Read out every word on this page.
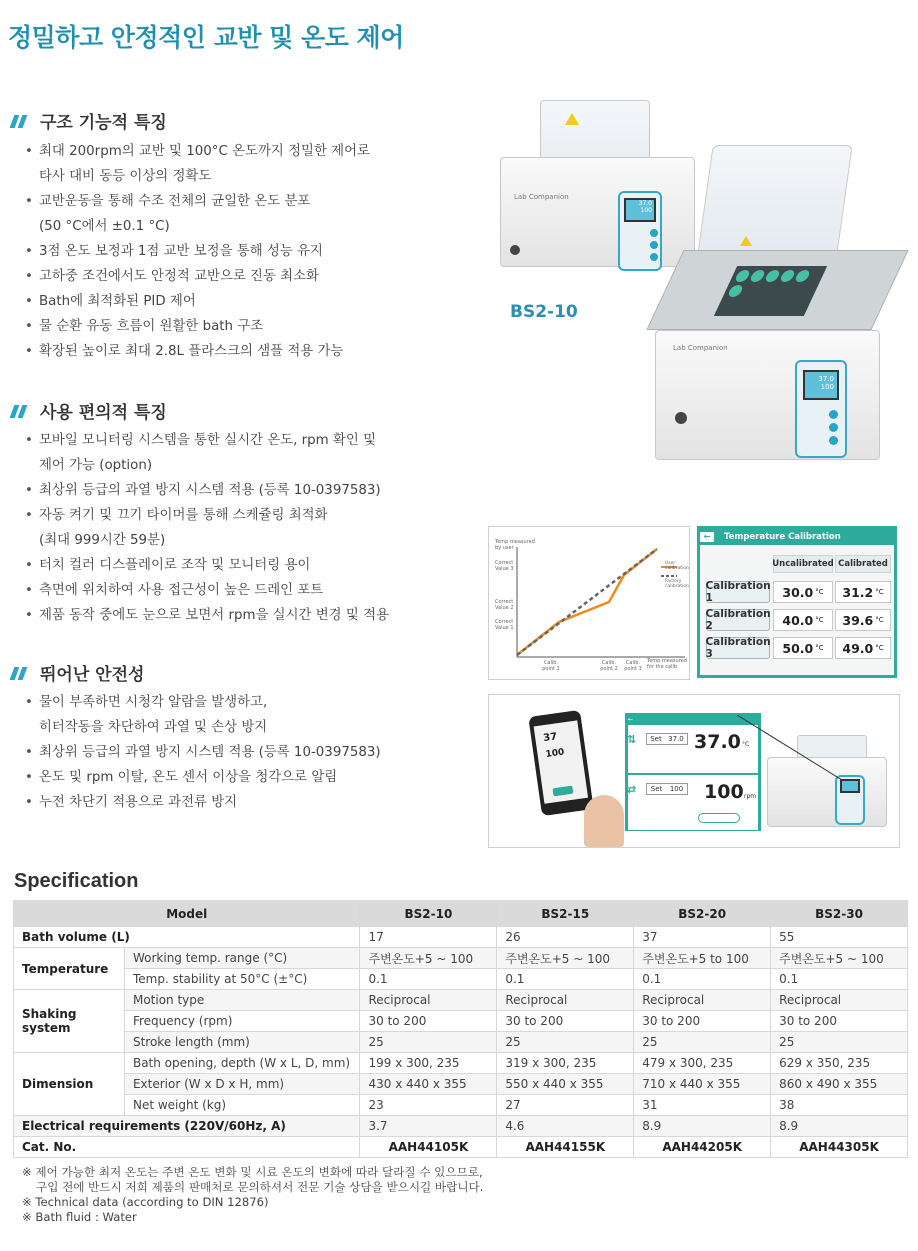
정밀하고 안정적인 교반 및 온도 제어
구조 기능적 특징
• 최대 200rpm의 교반 및 100°C 온도까지 정밀한 제어로
타사 대비 동등 이상의 정확도
• 교반운동을 통해 수조 전체의 균일한 온도 분포
(50 °C에서 ±0.1 °C)
• 3점 온도 보정과 1점 교반 보정을 통해 성능 유지
• 고하중 조건에서도 안정적 교반으로 진동 최소화
• Bath에 최적화된 PID 제어
• 물 순환 유동 흐름이 원활한 bath 구조
• 확장된 높이로 최대 2.8L 플라스크의 샘플 적용 가능
사용 편의적 특징
• 모바일 모니터링 시스템을 통한 실시간 온도, rpm 확인 및
제어 가능 (option)
• 최상위 등급의 과열 방지 시스템 적용 (등록 10-0397583)
• 자동 켜기 및 끄기 타이머를 통해 스케쥴링 최적화
(최대 999시간 59분)
• 터치 컬러 디스플레이로 조작 및 모니터링 용이
• 측면에 위치하여 사용 접근성이 높은 드레인 포트
• 제품 동작 중에도 눈으로 보면서 rpm을 실시간 변경 및 적용
뛰어난 안전성
• 물이 부족하면 시청각 알람을 발생하고,
히터작동을 차단하여 과열 및 손상 방지
• 최상위 등급의 과열 방지 시스템 적용 (등록 10-0397583)
• 온도 및 rpm 이탈, 온도 센서 이상을 청각으로 알림
• 누전 차단기 적용으로 과전류 방지
Lab Companion
37.0
100
BS2-10
Lab Companion
37.0
100
Temp measured by user
Correct Value 3
Correct Value 2
Correct Value 1
Calib. point 1
Calib. point 2
Calib. point 3
Temp measured for the calib
User calibration
Factory calibration
←	Temperature Calibration
Uncalibrated Calibrated
Calibration 1	30.0 °C 31.2 °C
Calibration 2	40.0 °C 39.6 °C
Calibration 3	50.0 °C 49.0 °C
37
100
←
⇅	Set 37.0 37.0 °C
⇄	Set 100 100 rpm
Specification
Model		BS2-10	BS2-15	BS2-20	BS2-30
Bath volume (L)		17	26	37	55
Temperature	Working temp. range (°C)	주변온도+5 ~ 100	주변온도+5 ~ 100	주변온도+5 to 100	주변온도+5 ~ 100
	Temp. stability at 50°C (±°C)	0.1	0.1	0.1	0.1
Shaking system	Motion type	Reciprocal	Reciprocal	Reciprocal	Reciprocal
	Frequency (rpm)	30 to 200	30 to 200	30 to 200	30 to 200
	Stroke length (mm)	25	25	25	25
Dimension	Bath opening, depth (W x L, D, mm)	199 x 300, 235	319 x 300, 235	479 x 300, 235	629 x 350, 235
	Exterior (W x D x H, mm)	430 x 440 x 355	550 x 440 x 355	710 x 440 x 355	860 x 490 x 355
	Net weight (kg)	23	27	31	38
Electrical requirements (220V/60Hz, A)		3.7	4.6	8.9	8.9
Cat. No.		AAH44105K	AAH44155K	AAH44205K	AAH44305K
※ 제어 가능한 최저 온도는 주변 온도 변화 및 시료 온도의 변화에 따라 달라질 수 있으므로,
구입 전에 반드시 저희 제품의 판매처로 문의하셔서 전문 기술 상담을 받으시길 바랍니다.
※ Technical data (according to DIN 12876)
※ Bath fluid : Water
